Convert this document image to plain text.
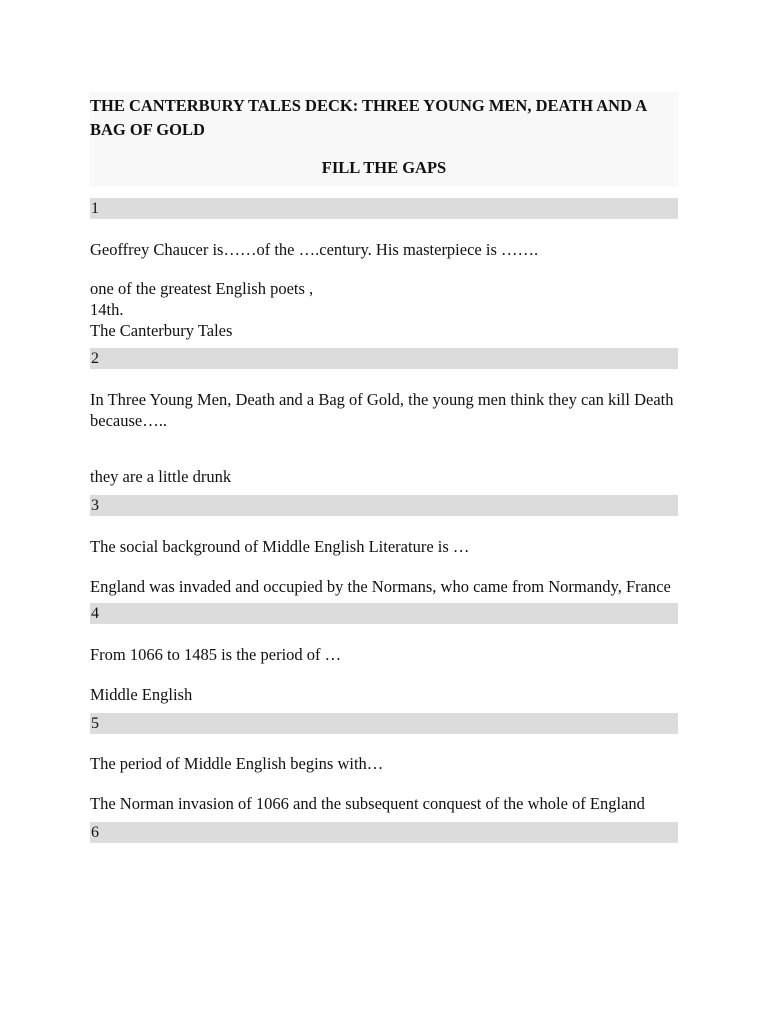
THE CANTERBURY TALES DECK: THREE YOUNG MEN, DEATH AND A BAG OF GOLD
FILL THE GAPS
1

Geoffrey Chaucer is……of the ….century. His masterpiece is …….

one of the greatest English poets ,
14th.
The Canterbury Tales
2

In Three Young Men, Death and a Bag of Gold, the young men think they can kill Death because…..

they are a little drunk
3

The social background of Middle English Literature is …

England was invaded and occupied by the Normans, who came from Normandy, France
4

From 1066 to 1485 is the period of …

Middle English
5

The period of Middle English begins with…

The Norman invasion of 1066 and the subsequent conquest of the whole of England
6
